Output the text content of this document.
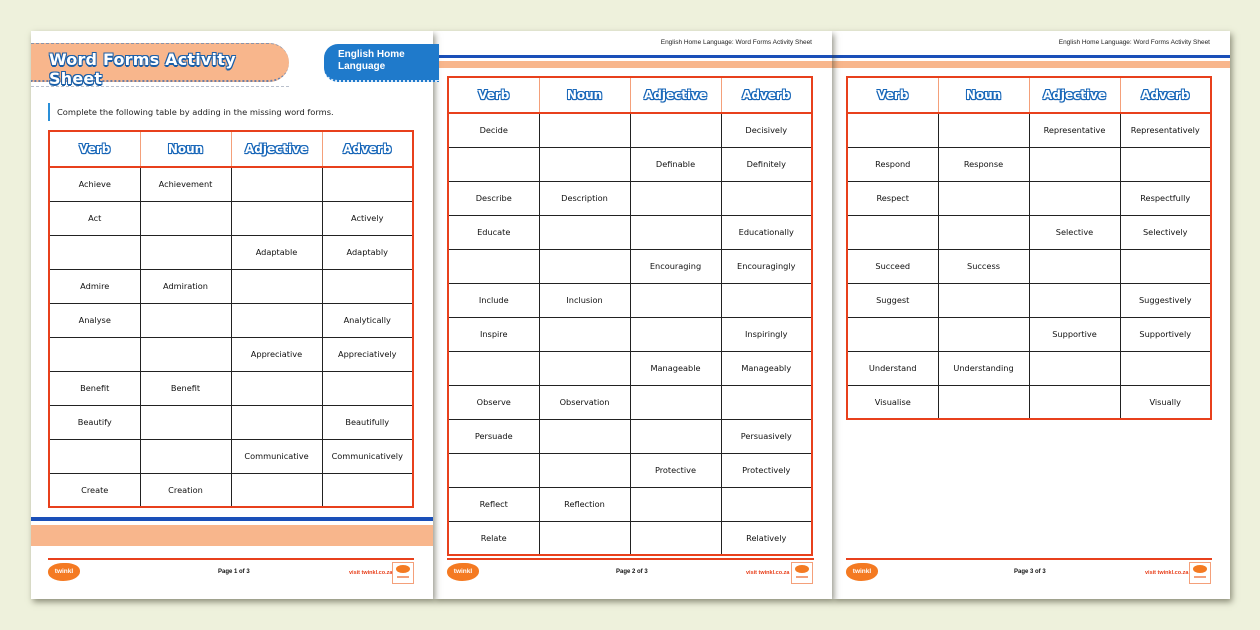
English Home Language: Word Forms Activity Sheet
Verb	Noun	Adjective	Adverb
		Representative	Representatively
Respond	Response		
Respect			Respectfully
		Selective	Selectively
Succeed	Success		
Suggest			Suggestively
		Supportive	Supportively
Understand	Understanding		
Visualise			Visually
twinkl	Page 3 of 3	visit twinkl.co.za
English Home Language: Word Forms Activity Sheet
Verb	Noun	Adjective	Adverb
Decide			Decisively
		Definable	Definitely
Describe	Description		
Educate			Educationally
		Encouraging	Encouragingly
Include	Inclusion		
Inspire			Inspiringly
		Manageable	Manageably
Observe	Observation		
Persuade			Persuasively
		Protective	Protectively
Reflect	Reflection		
Relate			Relatively
twinkl	Page 2 of 3	visit twinkl.co.za
Word Forms Activity Sheet
English Home Language
Complete the following table by adding in the missing word forms.
Verb	Noun	Adjective	Adverb
Achieve	Achievement		
Act			Actively
		Adaptable	Adaptably
Admire	Admiration		
Analyse			Analytically
		Appreciative	Appreciatively
Benefit	Benefit		
Beautify			Beautifully
		Communicative	Communicatively
Create	Creation		
twinkl	Page 1 of 3	visit twinkl.co.za
